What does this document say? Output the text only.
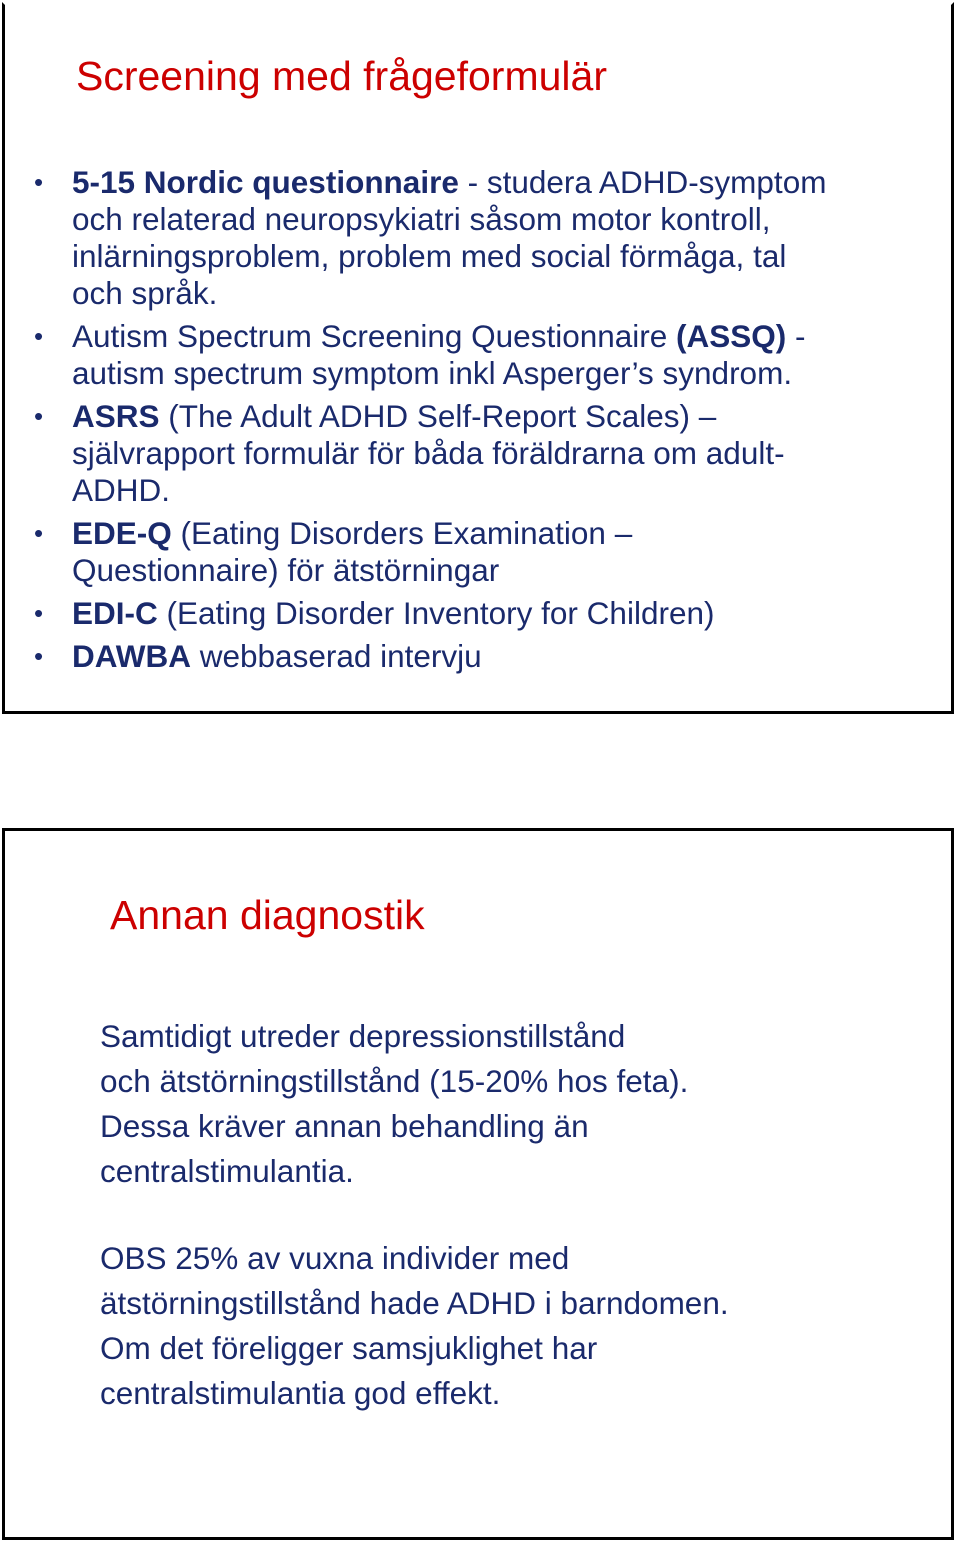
Screening med frågeformulär
• 5-15 Nordic questionnaire - studera ADHD-symptom
och relaterad neuropsykiatri såsom motor kontroll,
inlärningsproblem, problem med social förmåga, tal
och språk.
• Autism Spectrum Screening Questionnaire (ASSQ) -
autism spectrum symptom inkl Asperger’s syndrom.
• ASRS (The Adult ADHD Self-Report Scales) –
självrapport formulär för båda föräldrarna om adult-
ADHD.
• EDE-Q (Eating Disorders Examination –
Questionnaire) för ätstörningar
• EDI-C (Eating Disorder Inventory for Children)
• DAWBA webbaserad intervju
Annan diagnostik

Samtidigt utreder depressionstillstånd
och ätstörningstillstånd (15-20% hos feta).
Dessa kräver annan behandling än
centralstimulantia.

OBS 25% av vuxna individer med
ätstörningstillstånd hade ADHD i barndomen.
Om det föreligger samsjuklighet har
centralstimulantia god effekt.
